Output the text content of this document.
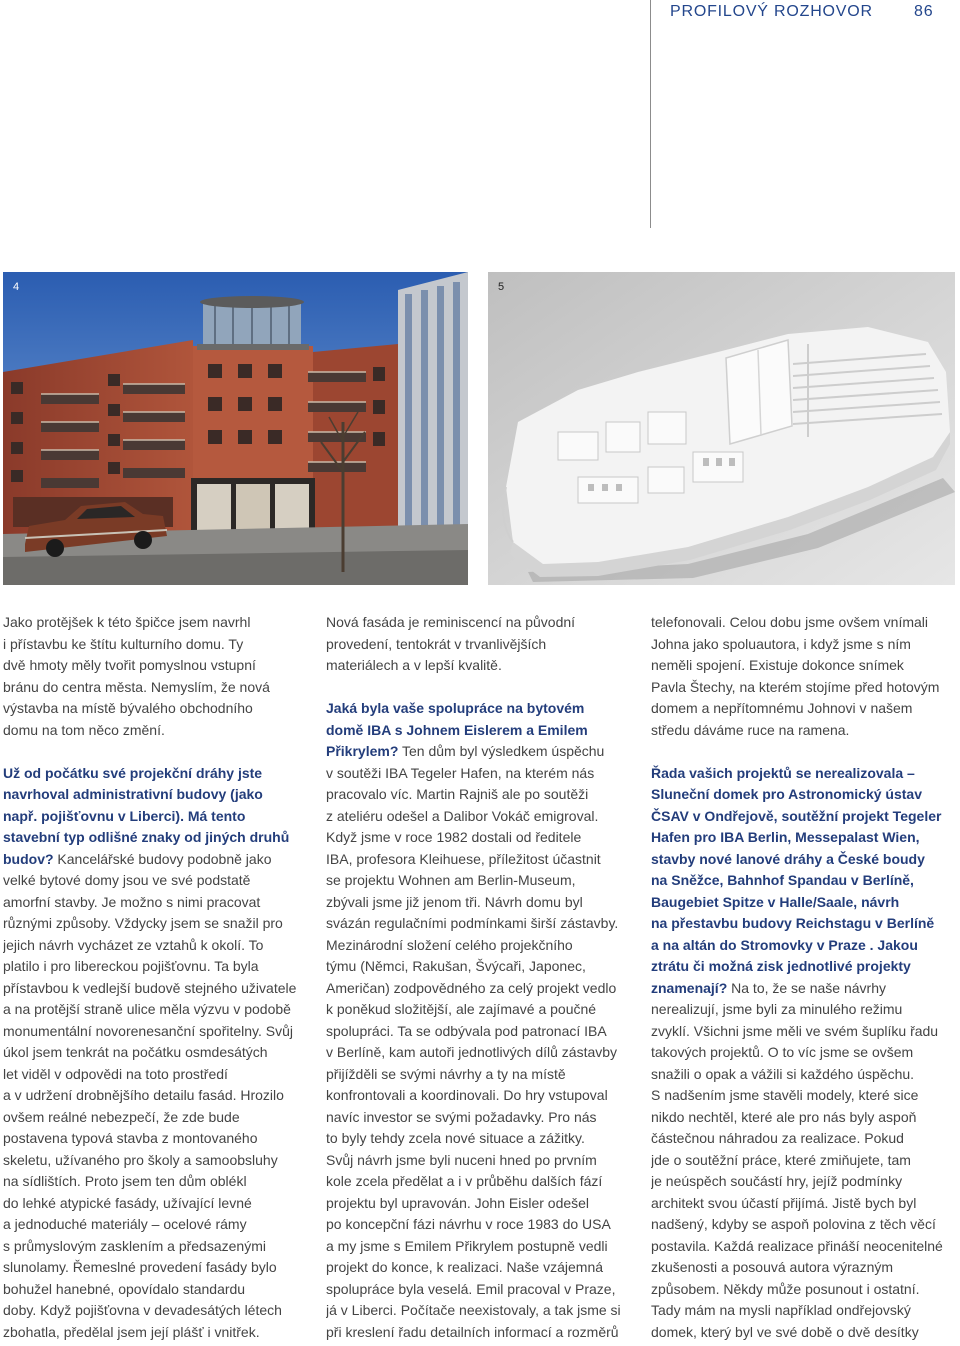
PROFILOVÝ ROZHOVOR	86
4	5
Jako protějšek k této špičce jsem navrhl
i přístavbu ke štítu kulturního domu. Ty
dvě hmoty měly tvořit pomyslnou vstupní
bránu do centra města. Nemyslím, že nová
výstavba na místě bývalého obchodního
domu na tom něco změní.
Už od počátku své projekční dráhy jste
navrhoval administrativní budovy (jako
např. pojišťovnu v Liberci). Má tento
stavební typ odlišné znaky od jiných druhů
budov? Kancelářské budovy podobně jako
velké bytové domy jsou ve své podstatě
amorfní stavby. Je možno s nimi pracovat
různými způsoby. Vždycky jsem se snažil pro
jejich návrh vycházet ze vztahů k okolí. To
platilo i pro libereckou pojišťovnu. Ta byla
přístavbou k vedlejší budově stejného uživatele
a na protější straně ulice měla výzvu v podobě
monumentální novorenesanční spořitelny. Svůj
úkol jsem tenkrát na počátku osmdesátých
let viděl v odpovědi na toto prostředí
a v udržení drobnějšího detailu fasád. Hrozilo
ovšem reálné nebezpečí, že zde bude
postavena typová stavba z montovaného
skeletu, užívaného pro školy a samoobsluhy
na sídlištích. Proto jsem ten dům oblékl
do lehké atypické fasády, užívající levné
a jednoduché materiály – ocelové rámy
s průmyslovým zasklením a předsazenými
slunolamy. Řemeslné provedení fasády bylo
bohužel hanebné, opovídalo standardu
doby. Když pojišťovna v devadesátých létech
zbohatla, předělal jsem její plášť i vnitřek.
Nová fasáda je reminiscencí na původní
provedení, tentokrát v trvanlivějších
materiálech a v lepší kvalitě.
Jaká byla vaše spolupráce na bytovém
domě IBA s Johnem Eislerem a Emilem
Přikrylem? Ten dům byl výsledkem úspěchu
v soutěži IBA Tegeler Hafen, na kterém nás
pracovalo víc. Martin Rajniš ale po soutěži
z ateliéru odešel a Dalibor Vokáč emigroval.
Když jsme v roce 1982 dostali od ředitele
IBA, profesora Kleihuese, příležitost účastnit
se projektu Wohnen am Berlin-Museum,
zbývali jsme již jenom tři. Návrh domu byl
svázán regulačními podmínkami širší zástavby.
Mezinárodní složení celého projekčního
týmu (Němci, Rakušan, Švýcaři, Japonec,
Američan) zodpovědného za celý projekt vedlo
k poněkud složitější, ale zajímavé a poučné
spolupráci. Ta se odbývala pod patronací IBA
v Berlíně, kam autoři jednotlivých dílů zástavby
přijížděli se svými návrhy a ty na místě
konfrontovali a koordinovali. Do hry vstupoval
navíc investor se svými požadavky. Pro nás
to byly tehdy zcela nové situace a zážitky.
Svůj návrh jsme byli nuceni hned po prvním
kole zcela předělat a i v průběhu dalších fází
projektu byl upravován. John Eisler odešel
po koncepční fázi návrhu v roce 1983 do USA
a my jsme s Emilem Přikrylem postupně vedli
projekt do konce, k realizaci. Naše vzájemná
spolupráce byla veselá. Emil pracoval v Praze,
já v Liberci. Počítače neexistovaly, a tak jsme si
při kreslení řadu detailních informací a rozměrů
telefonovali. Celou dobu jsme ovšem vnímali
Johna jako spoluautora, i když jsme s ním
neměli spojení. Existuje dokonce snímek
Pavla Štechy, na kterém stojíme před hotovým
domem a nepřítomnému Johnovi v našem
středu dáváme ruce na ramena.
Řada vašich projektů se nerealizovala –
Sluneční domek pro Astronomický ústav
ČSAV v Ondřejově, soutěžní projekt Tegeler
Hafen pro IBA Berlin, Messepalast Wien,
stavby nové lanové dráhy a České boudy
na Sněžce, Bahnhof Spandau v Berlíně,
Baugebiet Spitze v Halle/Saale, návrh
na přestavbu budovy Reichstagu v Berlíně
a na altán do Stromovky v Praze . Jakou
ztrátu či možná zisk jednotlivé projekty
znamenají? Na to, že se naše návrhy
nerealizují, jsme byli za minulého režimu
zvyklí. Všichni jsme měli ve svém šuplíku řadu
takových projektů. O to víc jsme se ovšem
snažili o opak a vážili si každého úspěchu.
S nadšením jsme stavěli modely, které sice
nikdo nechtěl, které ale pro nás byly aspoň
částečnou náhradou za realizace. Pokud
jde o soutěžní práce, které zmiňujete, tam
je neúspěch součástí hry, jejíž podmínky
architekt svou účastí přijímá. Jistě bych byl
nadšený, kdyby se aspoň polovina z těch věcí
postavila. Každá realizace přináší neocenitelné
zkušenosti a posouvá autora výrazným
způsobem. Někdy může posunout i ostatní.
Tady mám na mysli například ondřejovský
domek, který byl ve své době o dvě desítky
